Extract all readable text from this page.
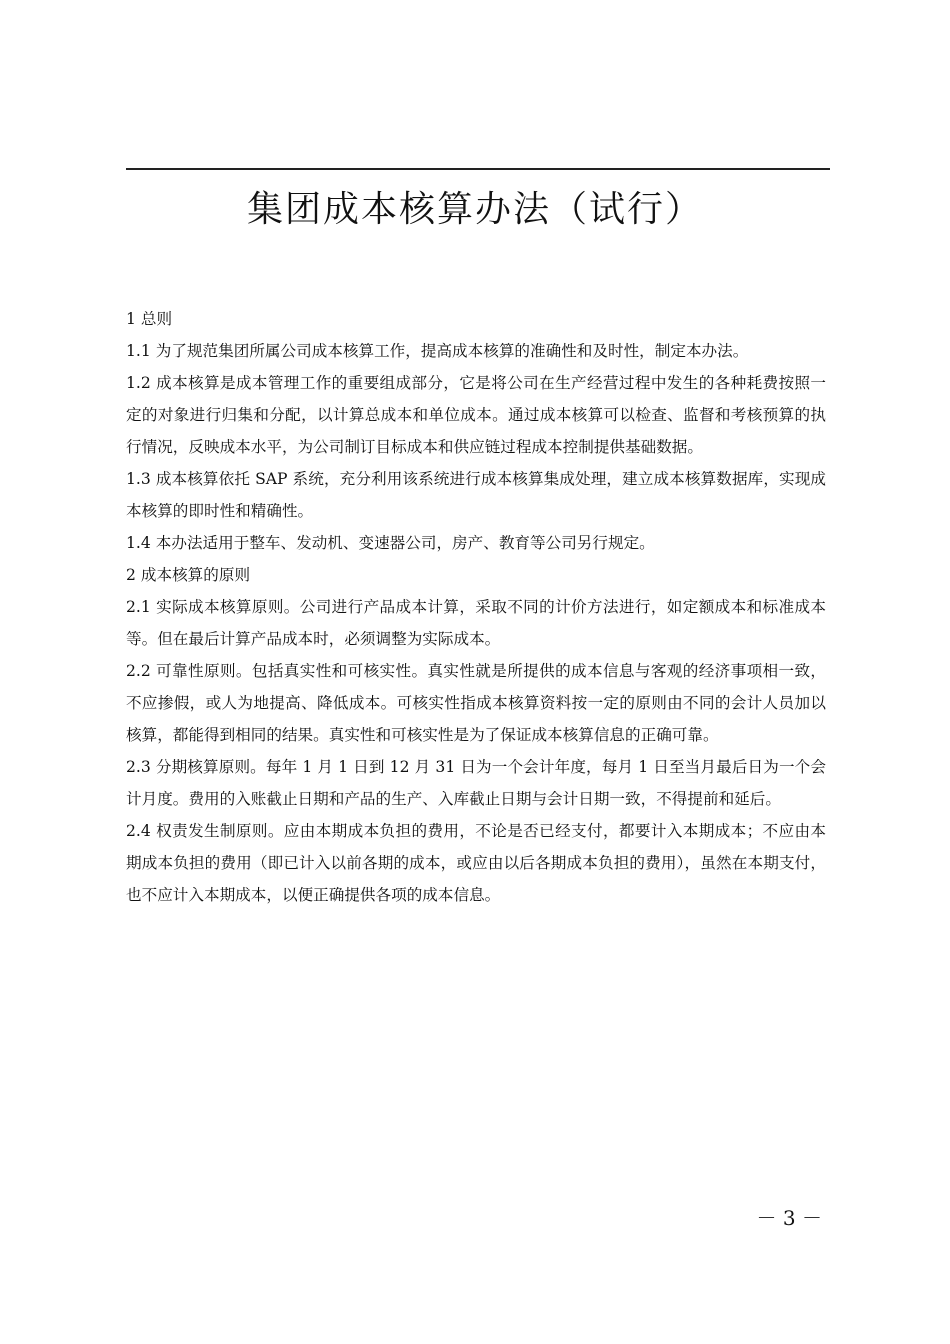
集团成本核算办法（试行）

1 总则

1.1 为了规范集团所属公司成本核算工作，提高成本核算的准确性和及时性，制定本办法。

1.2 成本核算是成本管理工作的重要组成部分，它是将公司在生产经营过程中发生的各种耗费按照一定的对象进行归集和分配，以计算总成本和单位成本。通过成本核算可以检查、监督和考核预算的执行情况，反映成本水平，为公司制订目标成本和供应链过程成本控制提供基础数据。

1.3 成本核算依托 SAP 系统，充分利用该系统进行成本核算集成处理，建立成本核算数据库，实现成本核算的即时性和精确性。

1.4 本办法适用于整车、发动机、变速器公司，房产、教育等公司另行规定。

2 成本核算的原则

2.1 实际成本核算原则。公司进行产品成本计算，采取不同的计价方法进行，如定额成本和标准成本等。但在最后计算产品成本时，必须调整为实际成本。

2.2 可靠性原则。包括真实性和可核实性。真实性就是所提供的成本信息与客观的经济事项相一致，不应掺假，或人为地提高、降低成本。可核实性指成本核算资料按一定的原则由不同的会计人员加以核算，都能得到相同的结果。真实性和可核实性是为了保证成本核算信息的正确可靠。

2.3 分期核算原则。每年 1 月 1 日到 12 月 31 日为一个会计年度，每月 1 日至当月最后日为一个会计月度。费用的入账截止日期和产品的生产、入库截止日期与会计日期一致，不得提前和延后。

2.4 权责发生制原则。应由本期成本负担的费用，不论是否已经支付，都要计入本期成本；不应由本期成本负担的费用（即已计入以前各期的成本，或应由以后各期成本负担的费用），虽然在本期支付，也不应计入本期成本，以便正确提供各项的成本信息。

－ 3 －
